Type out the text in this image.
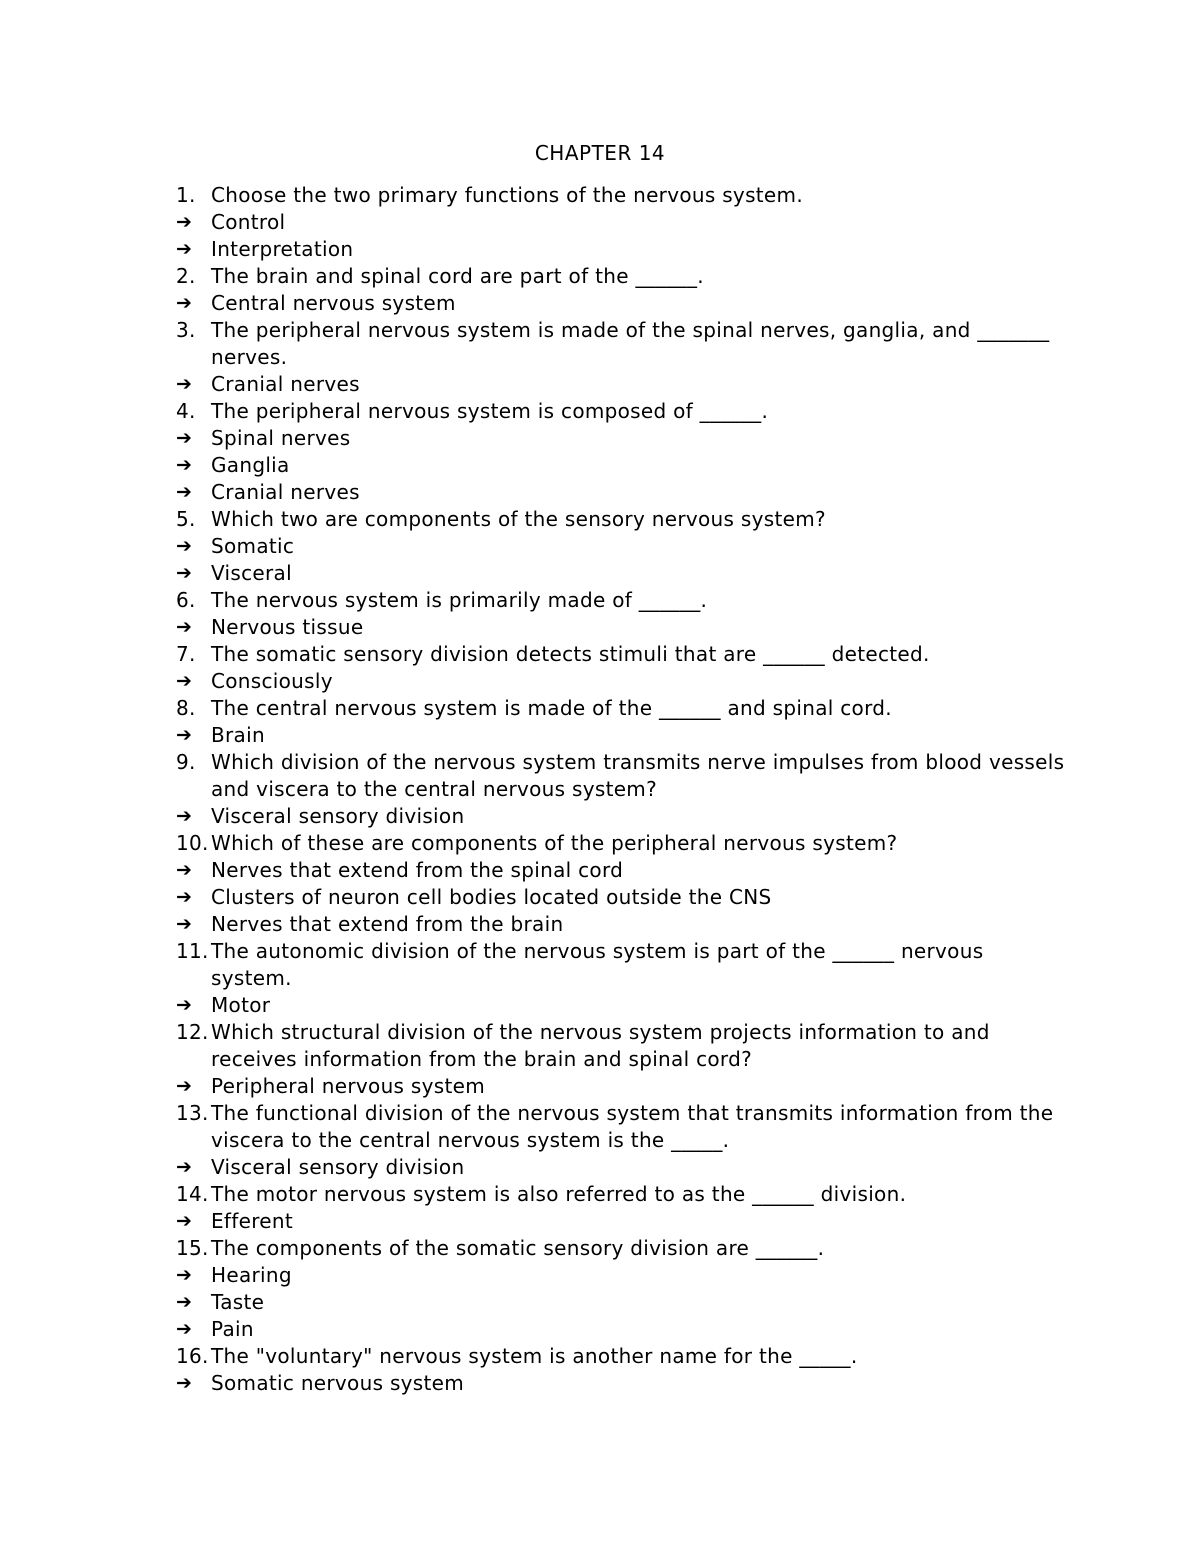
CHAPTER 14
1. Choose the two primary functions of the nervous system.
➔ Control
➔ Interpretation
2. The brain and spinal cord are part of the ______.
➔ Central nervous system
3. The peripheral nervous system is made of the spinal nerves, ganglia, and _______ nerves.
➔ Cranial nerves
4. The peripheral nervous system is composed of ______.
➔ Spinal nerves
➔ Ganglia
➔ Cranial nerves
5. Which two are components of the sensory nervous system?
➔ Somatic
➔ Visceral
6. The nervous system is primarily made of ______.
➔ Nervous tissue
7. The somatic sensory division detects stimuli that are ______ detected.
➔ Consciously
8. The central nervous system is made of the ______ and spinal cord.
➔ Brain
9. Which division of the nervous system transmits nerve impulses from blood vessels and viscera to the central nervous system?
➔ Visceral sensory division
10. Which of these are components of the peripheral nervous system?
➔ Nerves that extend from the spinal cord
➔ Clusters of neuron cell bodies located outside the CNS
➔ Nerves that extend from the brain
11. The autonomic division of the nervous system is part of the ______ nervous system.
➔ Motor
12. Which structural division of the nervous system projects information to and receives information from the brain and spinal cord?
➔ Peripheral nervous system
13. The functional division of the nervous system that transmits information from the viscera to the central nervous system is the _____.
➔ Visceral sensory division
14. The motor nervous system is also referred to as the ______ division.
➔ Efferent
15. The components of the somatic sensory division are ______.
➔ Hearing
➔ Taste
➔ Pain
16. The "voluntary" nervous system is another name for the _____.
➔ Somatic nervous system
